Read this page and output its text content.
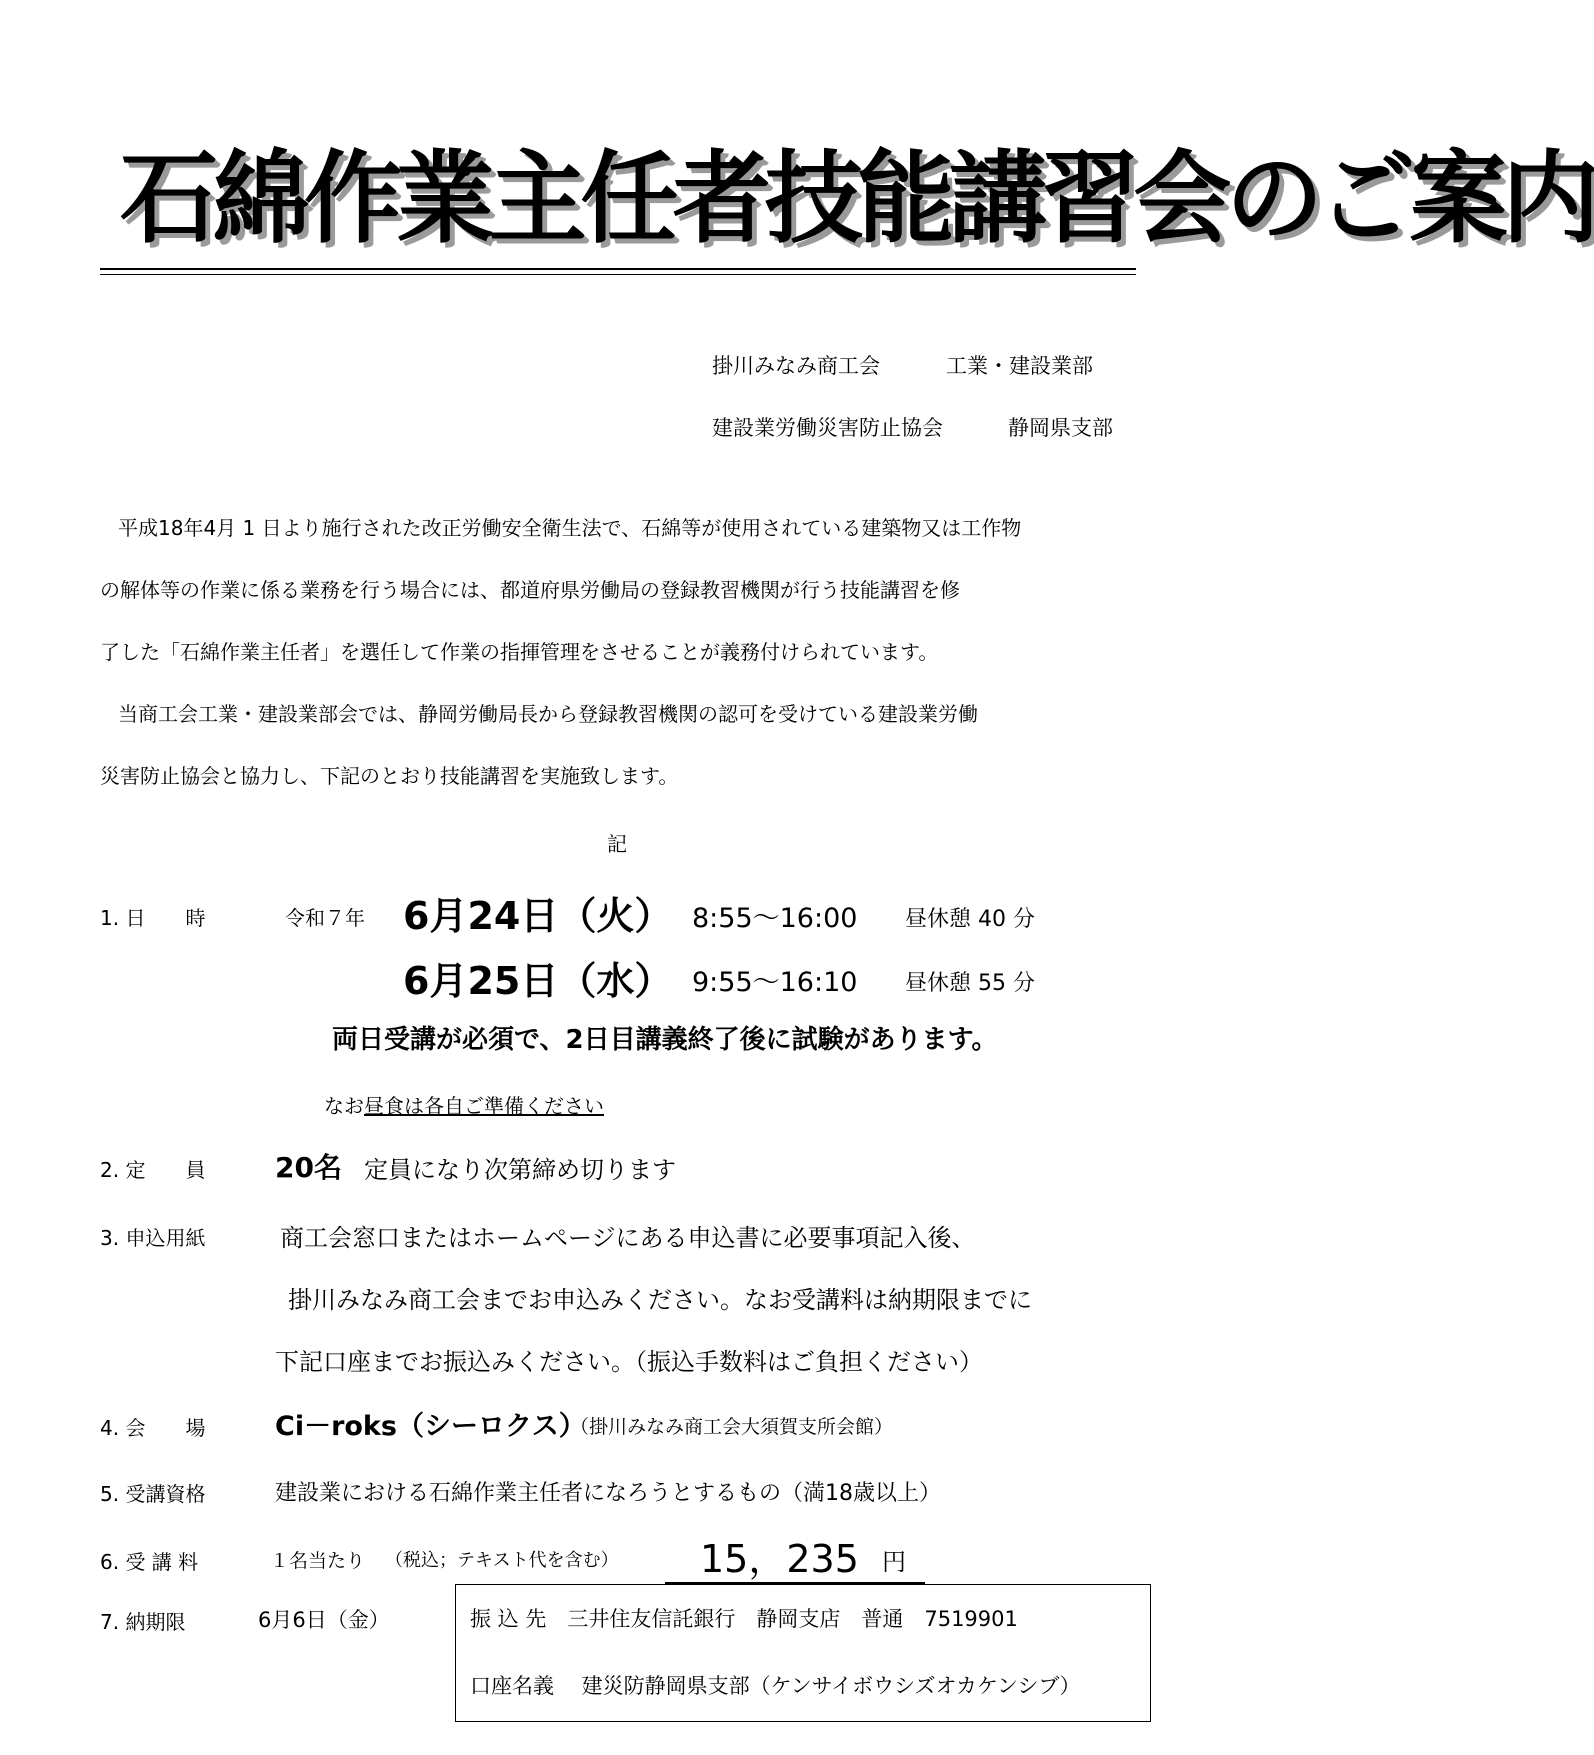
石綿作業主任者技能講習会のご案内
掛川みなみ商工会	工業・建設業部
建設業労働災害防止協会	静岡県支部
平成18年4月 1 日より施行された改正労働安全衛生法で、石綿等が使用されている建築物又は工作物
の解体等の作業に係る業務を行う場合には、都道府県労働局の登録教習機関が行う技能講習を修
了した「石綿作業主任者」を選任して作業の指揮管理をさせることが義務付けられています。
当商工会工業・建設業部会では、静岡労働局長から登録教習機関の認可を受けている建設業労働
災害防止協会と協力し、下記のとおり技能講習を実施致します。
記
1. 日　　時	令和７年 6月24日（火） 8:55～16:00 昼休憩 40 分
6月25日（水） 9:55～16:10 昼休憩 55 分
両日受講が必須で、2日目講義終了後に試験があります。
なお昼食は各自ご準備ください
2. 定　　員 20名 定員になり次第締め切ります
3. 申込用紙	商工会窓口またはホームページにある申込書に必要事項記入後、
掛川みなみ商工会までお申込みください。なお受講料は納期限までに
下記口座までお振込みください。（振込手数料はご負担ください）
4. 会　　場	Ci－roks（シーロクス）
（掛川みなみ商工会大須賀支所会館）
5. 受講資格	建設業における石綿作業主任者になろうとするもの（満18歳以上）
6. 受 講 料	１名当たり （税込；テキスト代を含む） 15，235 円
7. 納期限	6月6日（金）	振 込 先　三井住友信託銀行　静岡支店　普通　7519901
口座名義　 建災防静岡県支部（ケンサイボウシズオカケンシブ）
